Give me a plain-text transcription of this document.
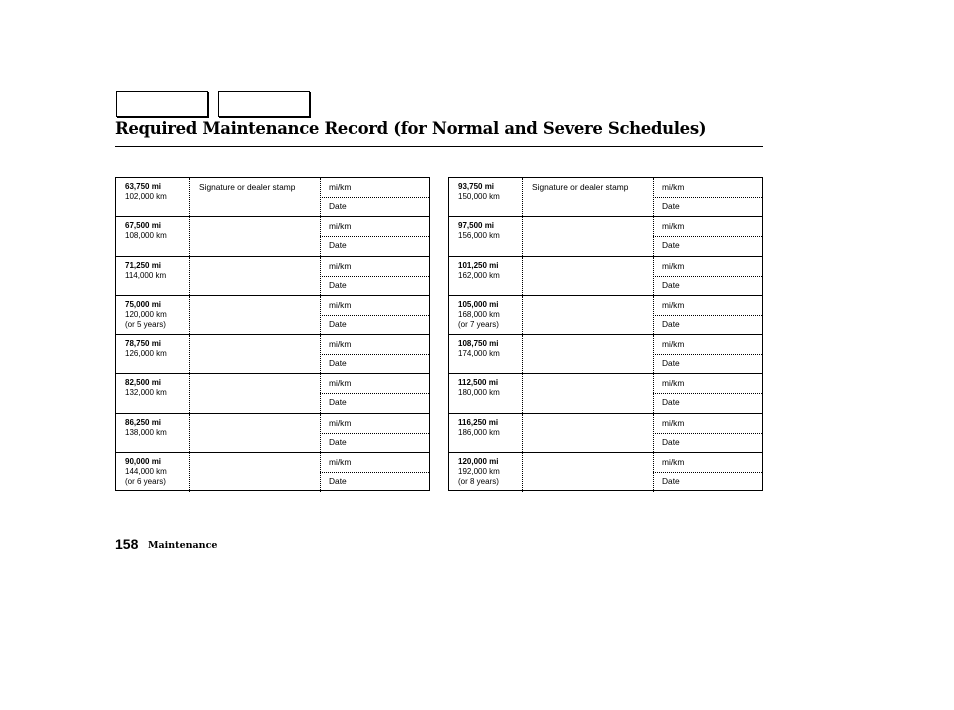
Required Maintenance Record (for Normal and Severe Schedules)
63,750 mi
102,000 km
Signature or dealer stamp	mi/km
Date
67,500 mi
108,000 km
mi/km
Date
71,250 mi
114,000 km
mi/km
Date
75,000 mi
120,000 km
(or 5 years)
mi/km
Date
78,750 mi
126,000 km
mi/km
Date
82,500 mi
132,000 km
mi/km
Date
86,250 mi
138,000 km
mi/km
Date
90,000 mi
144,000 km
(or 6 years)
mi/km
Date
93,750 mi
150,000 km
Signature or dealer stamp	mi/km
Date
97,500 mi
156,000 km
mi/km
Date
101,250 mi
162,000 km
mi/km
Date
105,000 mi
168,000 km
(or 7 years)
mi/km
Date
108,750 mi
174,000 km
mi/km
Date
112,500 mi
180,000 km
mi/km
Date
116,250 mi
186,000 km
mi/km
Date
120,000 mi
192,000 km
(or 8 years)
mi/km
Date
158 Maintenance
